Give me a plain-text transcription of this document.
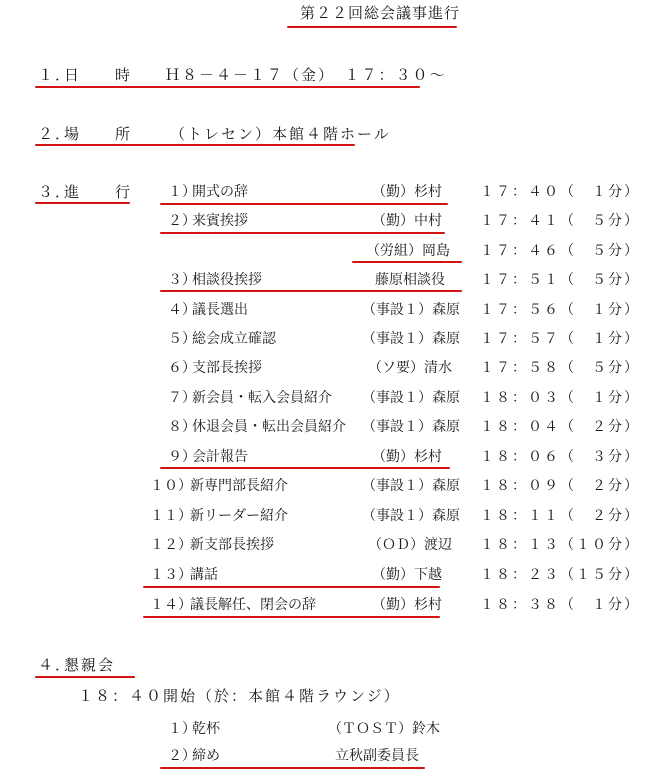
第２２回総会議事進行
１．
日　　時 Ｈ８－４－１７（金）　１７：３０～
２．
場　　所	（トレセン）本館４階ホール
３．
進　　行	１）
開式の辞	（勤）杉村	１７：４０（　１分）
２）
来賓挨拶	（勤）中村	１７：４１（　５分）
（労組）岡島 １７：４６（　５分）
３）
相談役挨拶	藤原相談役	１７：５１（　５分）
４）
議長選出	（事設１）森原 １７：５６（　１分）
５）
総会成立確認	（事設１）森原 １７：５７（　１分）
６）
支部長挨拶	（ソ要）清水 １７：５８（　５分）
７）
新会員・転入会員紹介 （事設１）森原 １８：０３（　１分）
８）
休退会員・転出会員紹介 （事設１）森原 １８：０４（　２分）
９）
会計報告	（勤）杉村	１８：０６（　３分）
１０）
新専門部長紹介	（事設１）森原 １８：０９（　２分）
１１）
新リーダー紹介	（事設１）森原 １８：１１（　２分）
１２）
新支部長挨拶	（ＯＤ）渡辺 １８：１３（１０分）
１３）
講話	（勤）下越	１８：２３（１５分）
１４）
議長解任、閉会の辞	（勤）杉村	１８：３８（　１分）
４．
懇親会
１８：４０開始（於：本館４階ラウンジ）
１）
乾杯	（ＴＯＳＴ）鈴木
２）
締め	立秋副委員長
